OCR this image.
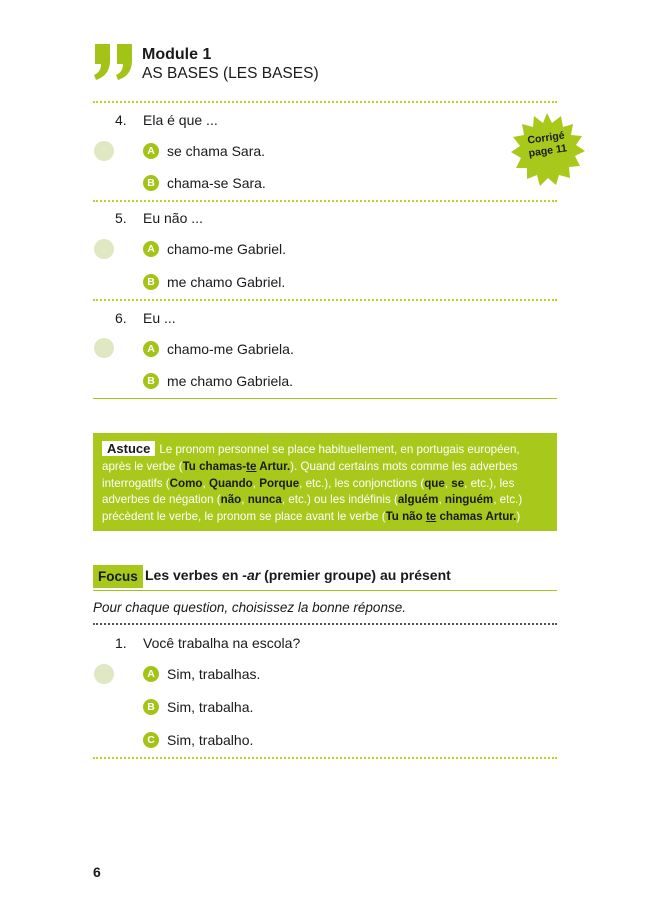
Module 1
AS BASES (LES BASES)
Corrigé
page 11
4. Ela é que ...
A se chama Sara.
B chama-se Sara.
5. Eu não ...
A chamo-me Gabriel.
B me chamo Gabriel.
6. Eu ...
A chamo-me Gabriela.
B me chamo Gabriela.
Astuce Le pronom personnel se place habituellement, en portugais européen, après le verbe (Tu chamas-te Artur.). Quand certains mots comme les adverbes interrogatifs (Como, Quando, Porque, etc.), les conjonctions (que, se, etc.), les adverbes de négation (não, nunca, etc.) ou les indéfinis (alguém, ninguém, etc.) précèdent le verbe, le pronom se place avant le verbe (Tu não te chamas Artur.)
Focus Les verbes en -ar (premier groupe) au présent
Pour chaque question, choisissez la bonne réponse.
1. Você trabalha na escola?
A Sim, trabalhas.
B Sim, trabalha.
C Sim, trabalho.
6
